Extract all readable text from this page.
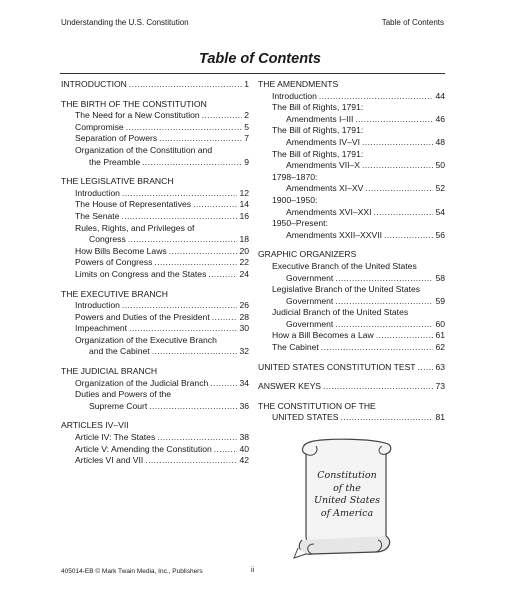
Understanding the U.S. Constitution	Table of Contents
Table of Contents
INTRODUCTION . . .	1
THE BIRTH OF THE CONSTITUTION
The Need for a New Constitution . . .	2
Compromise . . .	5
Separation of Powers . . .	7
Organization of the Constitution and
the Preamble . . .	9
THE LEGISLATIVE BRANCH
Introduction . . .	12
The House of Representatives . . .	14
The Senate . . .	16
Rules, Rights, and Privileges of
Congress . . .	18
How Bills Become Laws . . .	20
Powers of Congress . . .	22
Limits on Congress and the States . . .	24
THE EXECUTIVE BRANCH
Introduction . . .	26
Powers and Duties of the President . . .	28
Impeachment . . .	30
Organization of the Executive Branch
and the Cabinet . . .	32
THE JUDICIAL BRANCH
Organization of the Judicial Branch . . .	34
Duties and Powers of the
Supreme Court . . .	36
ARTICLES IV–VII
Article IV: The States . . .	38
Article V: Amending the Constitution . . .	40
Articles VI and VII . . .	42
THE AMENDMENTS
Introduction . . .	44
The Bill of Rights, 1791:
Amendments I–III . . .	46
The Bill of Rights, 1791:
Amendments IV–VI . . .	48
The Bill of Rights, 1791:
Amendments VII–X . . .	50
1798–1870:
Amendments XI–XV . . .	52
1900–1950:
Amendments XVI–XXI . . .	54
1950–Present:
Amendments XXII–XXVII . . .	56
GRAPHIC ORGANIZERS
Executive Branch of the United States
Government . . .	58
Legislative Branch of the United States
Government . . .	59
Judicial Branch of the United States
Government . . .	60
How a Bill Becomes a Law . . .	61
The Cabinet . . .	62
UNITED STATES CONSTITUTION TEST . . . 63
ANSWER KEYS . . .	73
THE CONSTITUTION OF THE
UNITED STATES . . .	81
Constitution
of the
United States
of America
405014-EB © Mark Twain Media, Inc., Publishers	ii
